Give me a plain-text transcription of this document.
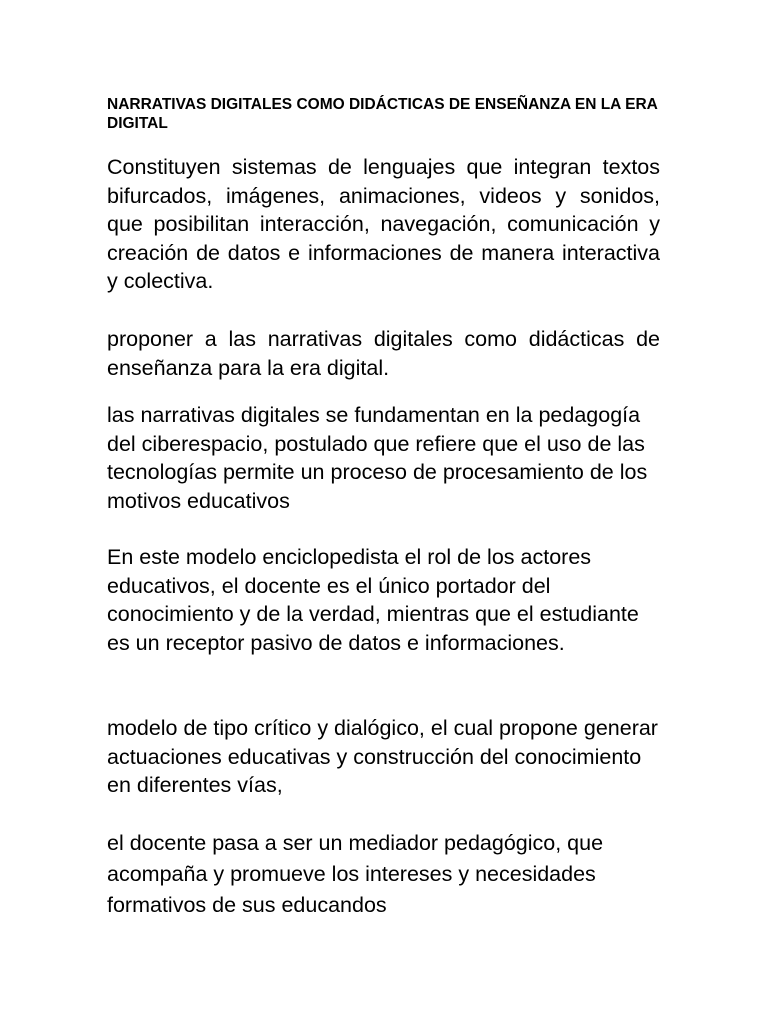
NARRATIVAS DIGITALES COMO DIDÁCTICAS DE ENSEÑANZA EN LA ERA DIGITAL

Constituyen sistemas de lenguajes que integran textos bifurcados, imágenes, animaciones, videos y sonidos, que posibilitan interacción, navegación, comunicación y creación de datos e informaciones de manera interactiva y colectiva.

proponer a las narrativas digitales como didácticas de enseñanza para la era digital.

las narrativas digitales se fundamentan en la pedagogía del ciberespacio, postulado que refiere que el uso de las tecnologías permite un proceso de procesamiento de los motivos educativos

En este modelo enciclopedista el rol de los actores educativos, el docente es el único portador del conocimiento y de la verdad, mientras que el estudiante es un receptor pasivo de datos e informaciones.

modelo de tipo crítico y dialógico, el cual propone generar actuaciones educativas y construcción del conocimiento en diferentes vías,

el docente pasa a ser un mediador pedagógico, que acompaña y promueve los intereses y necesidades formativos de sus educandos
